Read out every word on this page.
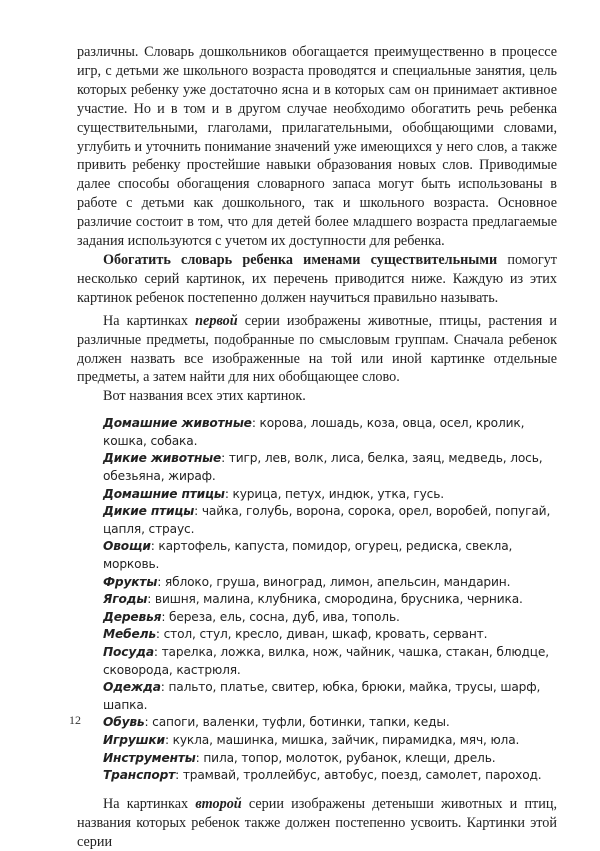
различны. Словарь дошкольников обогащается преимущественно в процессе игр, с детьми же школьного возраста проводятся и специальные занятия, цель которых ребенку уже достаточно ясна и в которых сам он принимает активное участие. Но и в том и в другом случае необходимо обогатить речь ребенка существительными, глаголами, прилагательными, обобщающими словами, углубить и уточнить понимание значений уже имеющихся у него слов, а также привить ребенку простейшие навыки образования новых слов. Приводимые далее способы обогащения словарного запаса могут быть использованы в работе с детьми как дошкольного, так и школьного возраста. Основное различие состоит в том, что для детей более младшего возраста предлагаемые задания используются с учетом их доступности для ребенка.

Обогатить словарь ребенка именами существительными помогут несколько серий картинок, их перечень приводится ниже. Каждую из этих картинок ребенок постепенно должен научиться правильно называть.

На картинках первой серии изображены животные, птицы, растения и различные предметы, подобранные по смысловым группам. Сначала ребенок должен назвать все изображенные на той или иной картинке отдельные предметы, а затем найти для них обобщающее слово.

Вот названия всех этих картинок.

Домашние животные: корова, лошадь, коза, овца, осел, кролик, кошка, собака.

Дикие животные: тигр, лев, волк, лиса, белка, заяц, медведь, лось, обезьяна, жираф.

Домашние птицы: курица, петух, индюк, утка, гусь.

Дикие птицы: чайка, голубь, ворона, сорока, орел, воробей, попугай, цапля, страус.

Овощи: картофель, капуста, помидор, огурец, редиска, свекла, морковь.

Фрукты: яблоко, груша, виноград, лимон, апельсин, мандарин.

Ягоды: вишня, малина, клубника, смородина, брусника, черника.

Деревья: береза, ель, сосна, дуб, ива, тополь.

Мебель: стол, стул, кресло, диван, шкаф, кровать, сервант.

Посуда: тарелка, ложка, вилка, нож, чайник, чашка, стакан, блюдце, сковорода, кастрюля.

Одежда: пальто, платье, свитер, юбка, брюки, майка, трусы, шарф, шапка.

Обувь: сапоги, валенки, туфли, ботинки, тапки, кеды.

Игрушки: кукла, машинка, мишка, зайчик, пирамидка, мяч, юла.

Инструменты: пила, топор, молоток, рубанок, клещи, дрель.

Транспорт: трамвай, троллейбус, автобус, поезд, самолет, пароход.

На картинках второй серии изображены детеныши животных и птиц, названия которых ребенок также должен постепенно усвоить. Картинки этой серии

12
